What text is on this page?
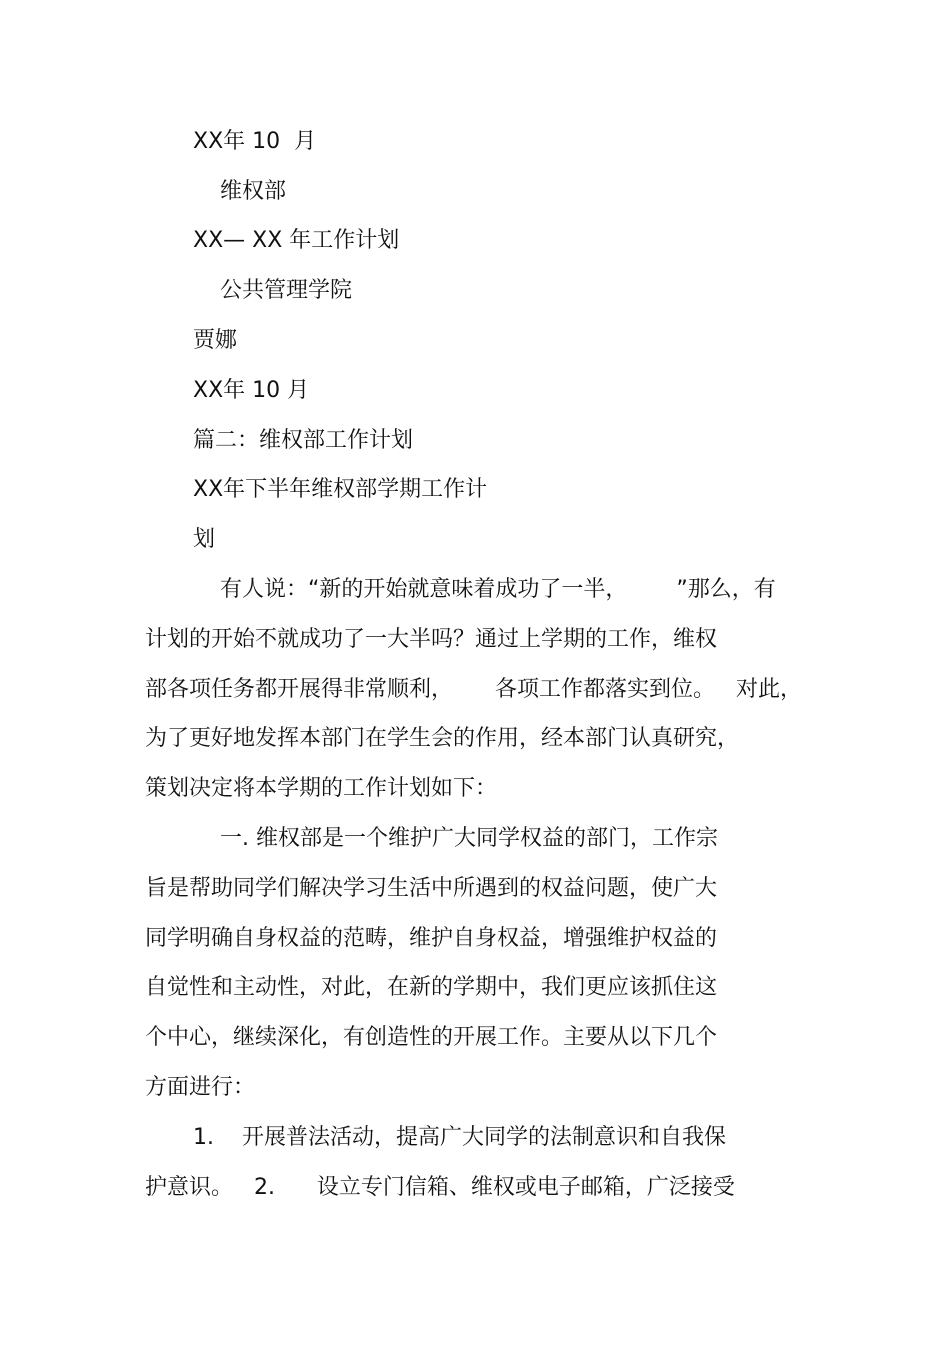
XX年 10  月

维权部

XX— XX 年工作计划

公共管理学院

贾娜

XX年 10 月

篇二：维权部工作计划

XX年下半年维权部学期工作计

划

有人说：“新的开始就意味着成功了一半，       ”那么，有

计划的开始不就成功了一大半吗？通过上学期的工作，维权

部各项任务都开展得非常顺利，      各项工作都落实到位。   对此，

为了更好地发挥本部门在学生会的作用，经本部门认真研究，

策划决定将本学期的工作计划如下：

一. 维权部是一个维护广大同学权益的部门，工作宗

旨是帮助同学们解决学习生活中所遇到的权益问题，使广大

同学明确自身权益的范畴，维护自身权益，增强维护权益的

自觉性和主动性，对此，在新的学期中，我们更应该抓住这

个中心，继续深化，有创造性的开展工作。主要从以下几个

方面进行：

1.    开展普法活动，提高广大同学的法制意识和自我保

护意识。   2.      设立专门信箱、维权或电子邮箱，广泛接受
